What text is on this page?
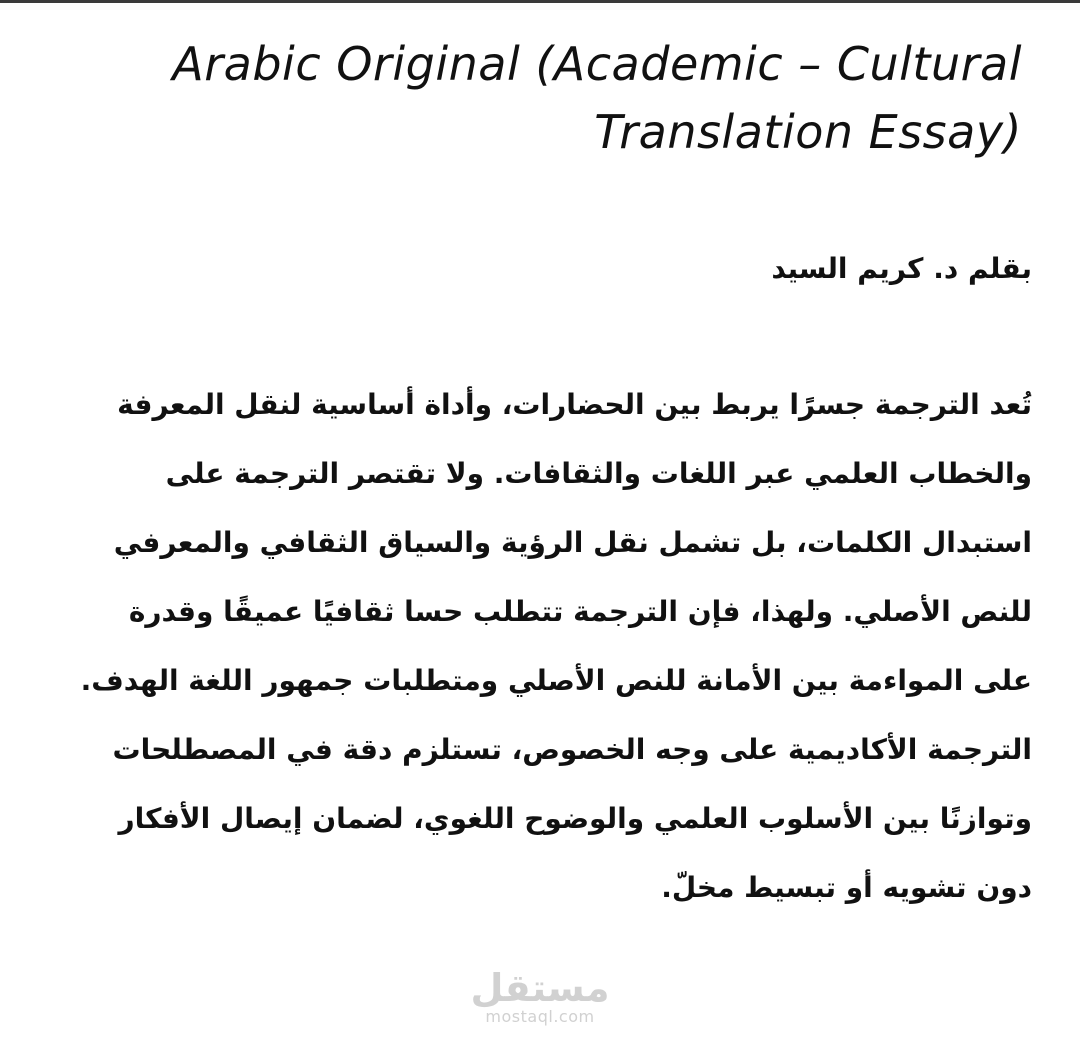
Arabic Original (Academic – Cultural
Translation Essay)

بقلم د. كريم السيد

تُعد الترجمة جسرًا يربط بين الحضارات، وأداة أساسية لنقل المعرفة والخطاب العلمي عبر اللغات والثقافات. ولا تقتصر الترجمة على استبدال الكلمات، بل تشمل نقل الرؤية والسياق الثقافي والمعرفي للنص الأصلي. ولهذا، فإن الترجمة تتطلب حسا ثقافيًا عميقًا وقدرة على المواءمة بين الأمانة للنص الأصلي ومتطلبات جمهور اللغة الهدف.

الترجمة الأكاديمية على وجه الخصوص، تستلزم دقة في المصطلحات وتوازنًا بين الأسلوب العلمي والوضوح اللغوي، لضمان إيصال الأفكار دون تشويه أو تبسيط مخلّ.

مستقل
mostaql.com
